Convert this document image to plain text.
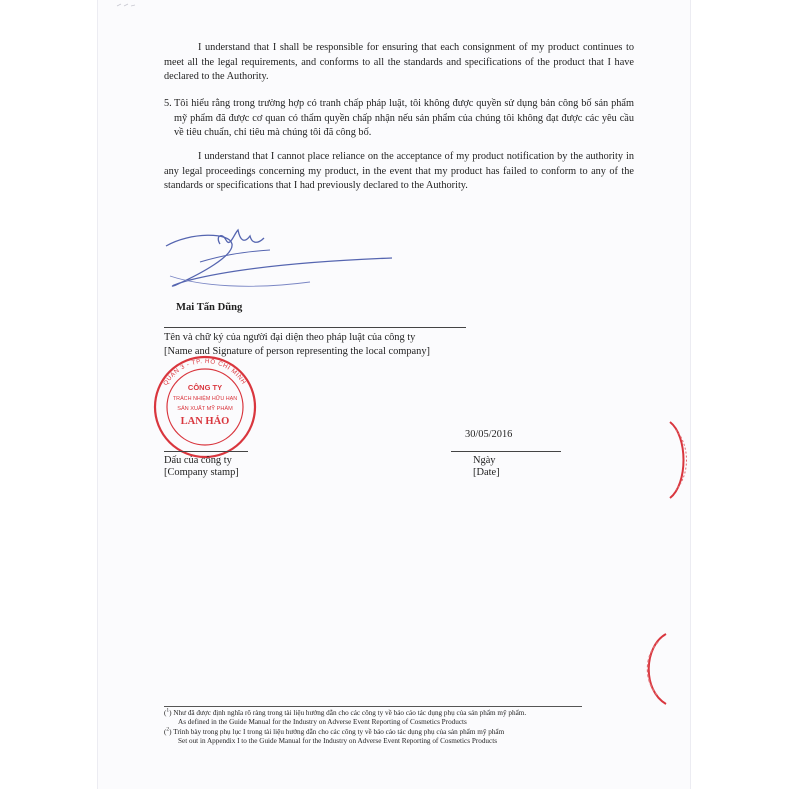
I understand that I shall be responsible for ensuring that each consignment of my product continues to meet all the legal requirements, and conforms to all the standards and specifications of the product that I have declared to the Authority.

5. Tôi hiểu rằng trong trường hợp có tranh chấp pháp luật, tôi không được quyền sử dụng bản công bố sản phẩm mỹ phẩm đã được cơ quan có thẩm quyền chấp nhận nếu sản phẩm của chúng tôi không đạt được các yêu cầu về tiêu chuẩn, chỉ tiêu mà chúng tôi đã công bố.

I understand that I cannot place reliance on the acceptance of my product notification by the authority in any legal proceedings concerning my product, in the event that my product has failed to conform to any of the standards or specifications that I had previously declared to the Authority.

Mai Tấn Dũng
Tên và chữ ký của người đại diện theo pháp luật của công ty
[Name and Signature of person representing the local company]
QUẬN 3 - TP. HỒ CHÍ MINH
CÔNG TY
TRÁCH NHIỆM HỮU HẠN
SẢN XUẤT MỸ PHẨM
LAN HẢO
30/05/2016
Dấu của công ty
[Company stamp]
Ngày
[Date]
($^1$) Như đã được định nghĩa rõ ràng trong tài liệu hướng dẫn cho các công ty về báo cáo tác dụng phụ của sản phẩm mỹ phẩm.
As defined in the Guide Manual for the Industry on Adverse Event Reporting of Cosmetics Products
($^2$) Trình bày trong phụ lục I trong tài liệu hướng dẫn cho các công ty về báo cáo tác dụng phụ của sản phẩm mỹ phẩm
Set out in Appendix I to the Guide Manual for the Industry on Adverse Event Reporting of Cosmetics Products
